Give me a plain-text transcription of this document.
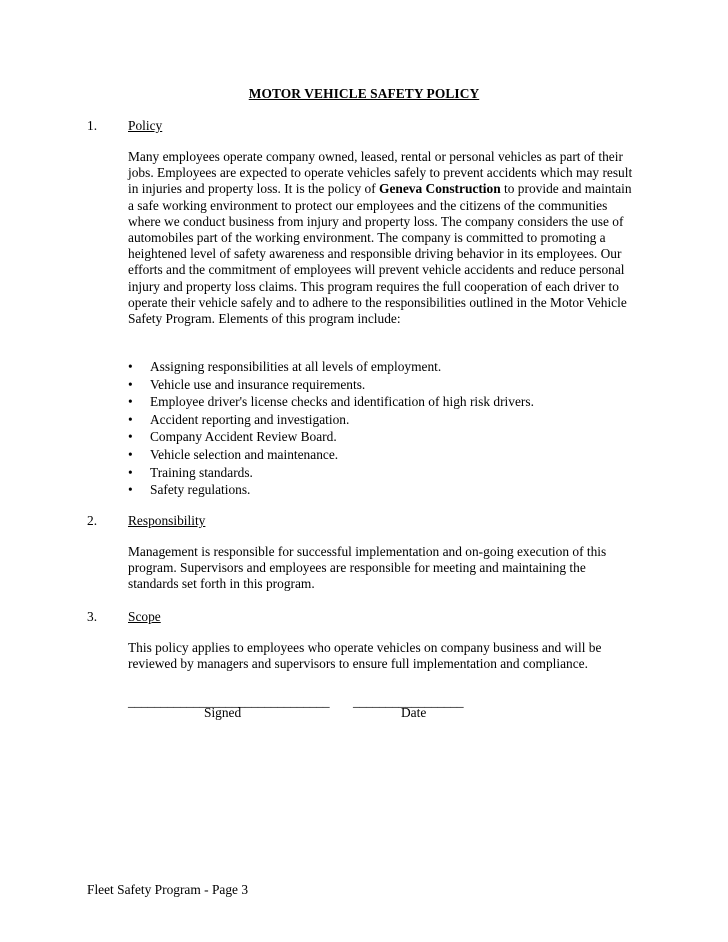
MOTOR VEHICLE SAFETY POLICY
1. Policy

Many employees operate company owned, leased, rental or personal vehicles as part of their jobs. Employees are expected to operate vehicles safely to prevent accidents which may result in injuries and property loss. It is the policy of Geneva Construction to provide and maintain a safe working environment to protect our employees and the citizens of the communities where we conduct business from injury and property loss. The company considers the use of automobiles part of the working environment. The company is committed to promoting a heightened level of safety awareness and responsible driving behavior in its employees. Our efforts and the commitment of employees will prevent vehicle accidents and reduce personal injury and property loss claims. This program requires the full cooperation of each driver to operate their vehicle safely and to adhere to the responsibilities outlined in the Motor Vehicle Safety Program. Elements of this program include:

• Assigning responsibilities at all levels of employment.
• Vehicle use and insurance requirements.
• Employee driver's license checks and identification of high risk drivers.
• Accident reporting and investigation.
• Company Accident Review Board.
• Vehicle selection and maintenance.
• Training standards.
• Safety regulations.
2. Responsibility

Management is responsible for successful implementation and on-going execution of this program. Supervisors and employees are responsible for meeting and maintaining the standards set forth in this program.

3. Scope

This policy applies to employees who operate vehicles on company business and will be reviewed by managers and supervisors to ensure full implementation and compliance.

_______________________________ _________________
Signed	Date
Fleet Safety Program - Page 3
